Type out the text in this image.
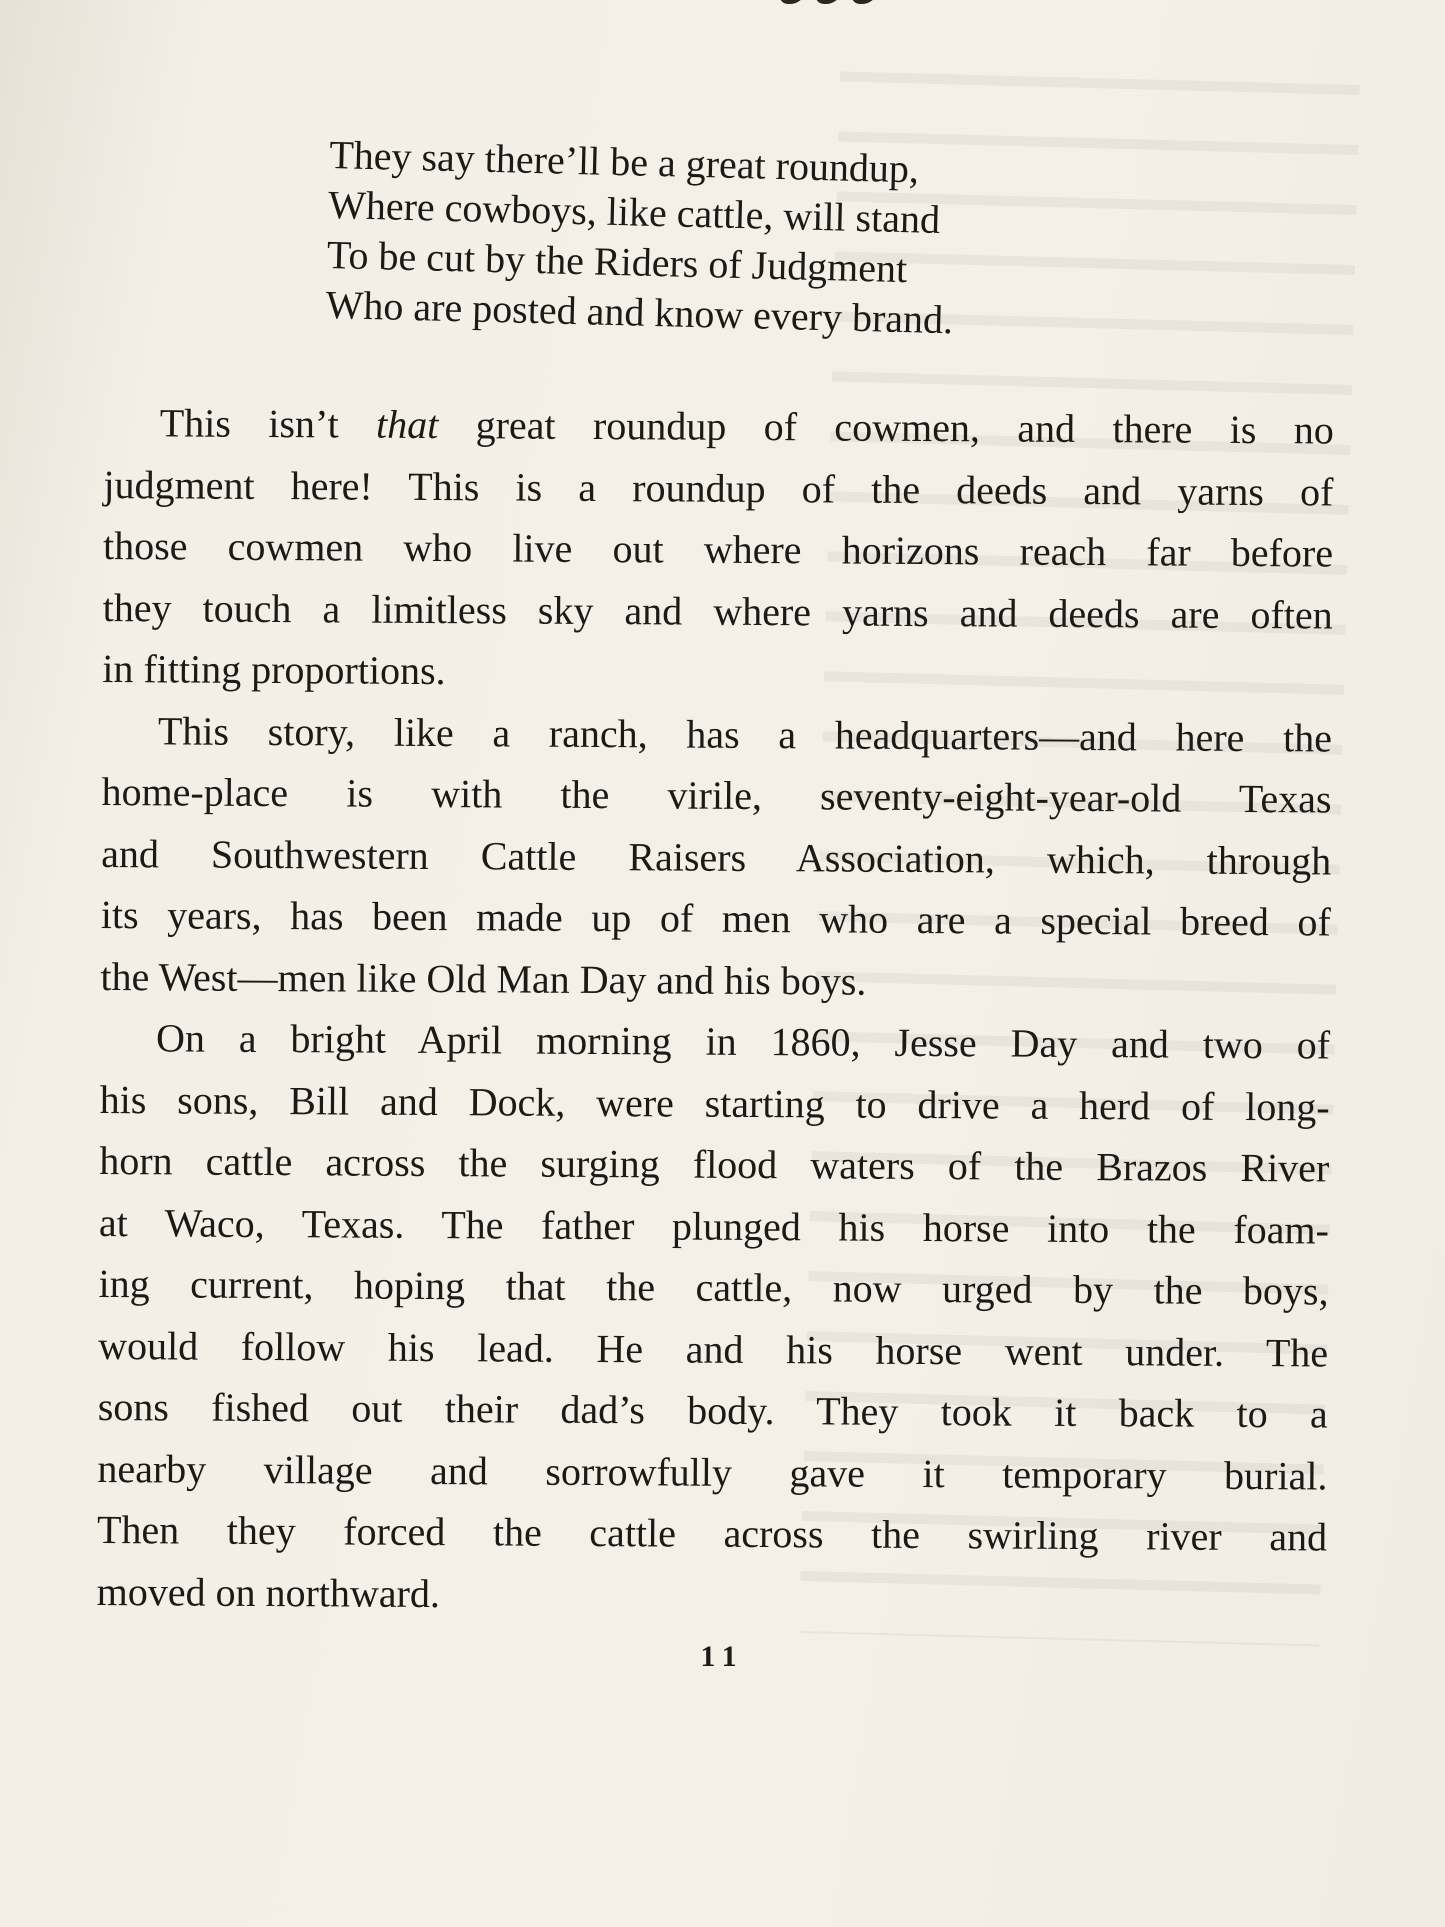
They say there’ll be a great roundup,
Where cowboys, like cattle, will stand
To be cut by the Riders of Judgment
Who are posted and know every brand.
This isn’t that great roundup of cowmen, and there is no
judgment here! This is a roundup of the deeds and yarns of
those cowmen who live out where horizons reach far before
they touch a limitless sky and where yarns and deeds are often
in fitting proportions.
This story, like a ranch, has a headquarters—and here the
home-place is with the virile, seventy-eight-year-old Texas
and Southwestern Cattle Raisers Association, which, through
its years, has been made up of men who are a special breed of
the West—men like Old Man Day and his boys.
On a bright April morning in 1860, Jesse Day and two of
his sons, Bill and Dock, were starting to drive a herd of long-
horn cattle across the surging flood waters of the Brazos River
at Waco, Texas. The father plunged his horse into the foam-
ing current, hoping that the cattle, now urged by the boys,
would follow his lead. He and his horse went under. The
sons fished out their dad’s body. They took it back to a
nearby village and sorrowfully gave it temporary burial.
Then they forced the cattle across the swirling river and
moved on northward.
11
